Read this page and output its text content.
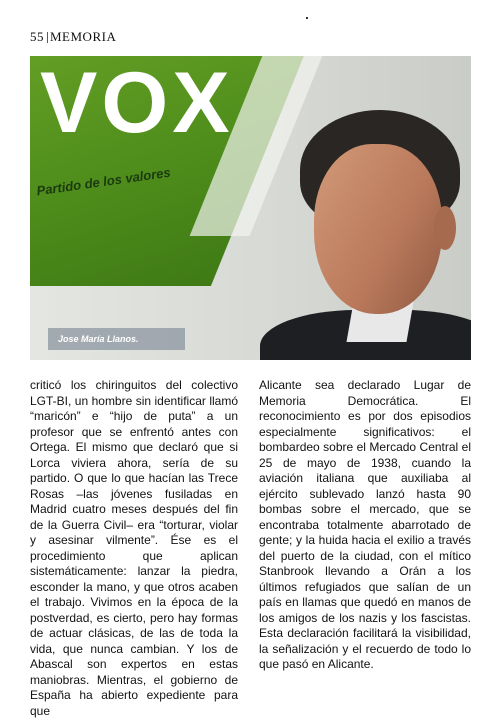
55 MEMORIA
VOX
Partido de los valores
Jose María Llanos.

criticó los chiringuitos del colectivo LGT-BI, un hombre sin identificar llamó “maricón” e “hijo de puta” a un profesor que se enfrentó antes con Ortega. El mismo que declaró que si Lorca viviera ahora, sería de su partido. O que lo que hacían las Trece Rosas –las jóvenes fusiladas en Madrid cuatro meses después del fin de la Guerra Civil– era “torturar, violar y asesinar vilmente”. Ése es el procedimiento que aplican sistemáticamente: lanzar la piedra, esconder la mano, y que otros acaben el trabajo. Vivimos en la época de la postverdad, es cierto, pero hay formas de actuar clásicas, de las de toda la vida, que nunca cambian. Y los de Abascal son expertos en estas maniobras. Mientras, el gobierno de España ha abierto expediente para que

Alicante sea declarado Lugar de Memoria Democrática. El reconocimiento es por dos episodios especialmente significativos: el bombardeo sobre el Mercado Central el 25 de mayo de 1938, cuando la aviación italiana que auxiliaba al ejército sublevado lanzó hasta 90 bombas sobre el mercado, que se encontraba totalmente abarrotado de gente; y la huida hacia el exilio a través del puerto de la ciudad, con el mítico Stanbrook llevando a Orán a los últimos refugiados que salían de un país en llamas que quedó en manos de los amigos de los nazis y los fascistas. Esta declaración facilitará la visibilidad, la señalización y el recuerdo de todo lo que pasó en Alicante.
